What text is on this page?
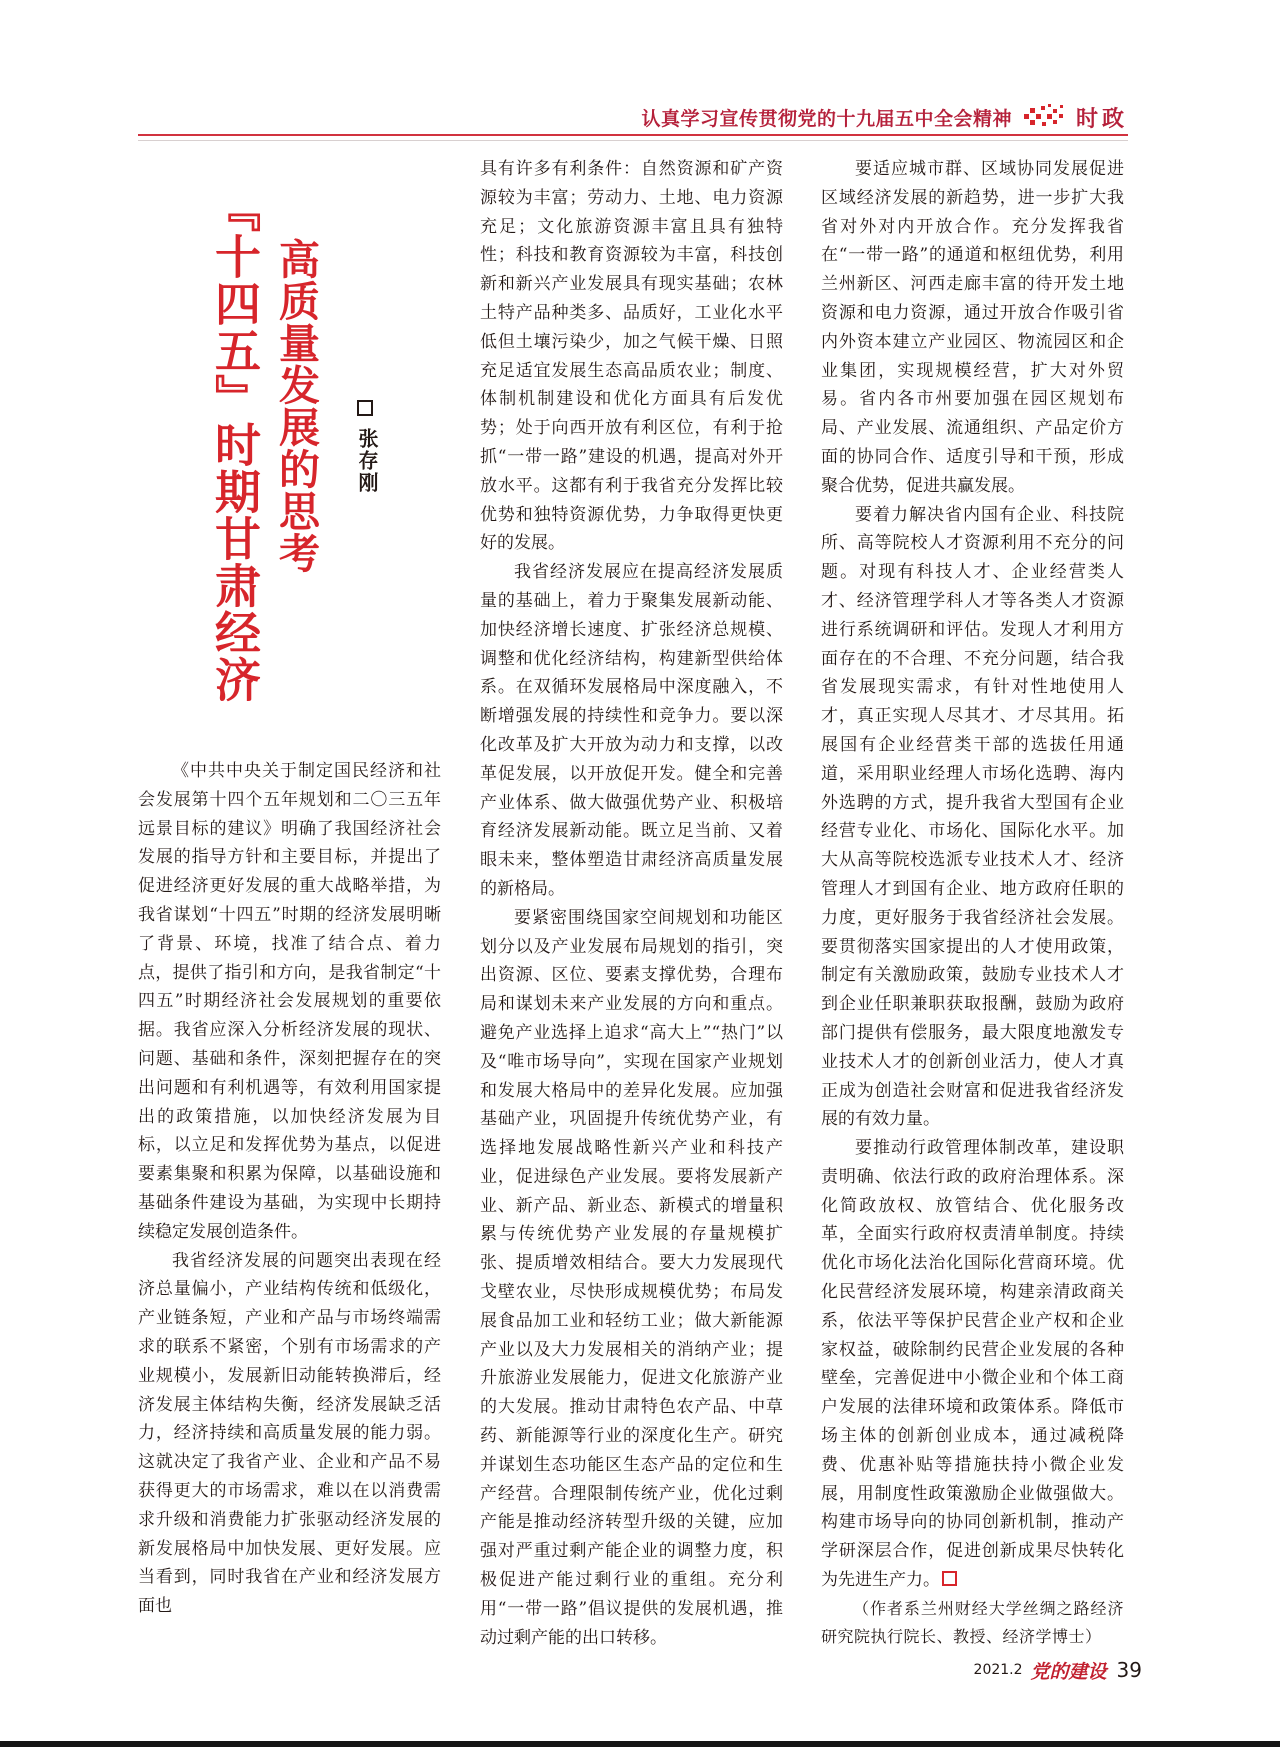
认真学习宣传贯彻党的十九届五中全会精神	时政
『十四五』时期甘肃经济 高质量发展的思考 张存刚

《中共中央关于制定国民经济和社会发展第十四个五年规划和二〇三五年远景目标的建议》明确了我国经济社会发展的指导方针和主要目标，并提出了促进经济更好发展的重大战略举措，为我省谋划“十四五”时期的经济发展明晰了背景、环境，找准了结合点、着力点，提供了指引和方向，是我省制定“十四五”时期经济社会发展规划的重要依据。我省应深入分析经济发展的现状、问题、基础和条件，深刻把握存在的突出问题和有利机遇等，有效利用国家提出的政策措施，以加快经济发展为目标，以立足和发挥优势为基点，以促进要素集聚和积累为保障，以基础设施和基础条件建设为基础，为实现中长期持续稳定发展创造条件。

我省经济发展的问题突出表现在经济总量偏小，产业结构传统和低级化，产业链条短，产业和产品与市场终端需求的联系不紧密，个别有市场需求的产业规模小，发展新旧动能转换滞后，经济发展主体结构失衡，经济发展缺乏活力，经济持续和高质量发展的能力弱。这就决定了我省产业、企业和产品不易获得更大的市场需求，难以在以消费需求升级和消费能力扩张驱动经济发展的新发展格局中加快发展、更好发展。应当看到，同时我省在产业和经济发展方面也

具有许多有利条件：自然资源和矿产资源较为丰富；劳动力、土地、电力资源充足；文化旅游资源丰富且具有独特性；科技和教育资源较为丰富，科技创新和新兴产业发展具有现实基础；农林土特产品种类多、品质好，工业化水平低但土壤污染少，加之气候干燥、日照充足适宜发展生态高品质农业；制度、体制机制建设和优化方面具有后发优势；处于向西开放有利区位，有利于抢抓“一带一路”建设的机遇，提高对外开放水平。这都有利于我省充分发挥比较优势和独特资源优势，力争取得更快更好的发展。

我省经济发展应在提高经济发展质量的基础上，着力于聚集发展新动能、加快经济增长速度、扩张经济总规模、调整和优化经济结构，构建新型供给体系。在双循环发展格局中深度融入，不断增强发展的持续性和竞争力。要以深化改革及扩大开放为动力和支撑，以改革促发展，以开放促开发。健全和完善产业体系、做大做强优势产业、积极培育经济发展新动能。既立足当前、又着眼未来，整体塑造甘肃经济高质量发展的新格局。

要紧密围绕国家空间规划和功能区划分以及产业发展布局规划的指引，突出资源、区位、要素支撑优势，合理布局和谋划未来产业发展的方向和重点。避免产业选择上追求“高大上”“热门”以及“唯市场导向”，实现在国家产业规划和发展大格局中的差异化发展。应加强基础产业，巩固提升传统优势产业，有选择地发展战略性新兴产业和科技产业，促进绿色产业发展。要将发展新产业、新产品、新业态、新模式的增量积累与传统优势产业发展的存量规模扩张、提质增效相结合。要大力发展现代戈壁农业，尽快形成规模优势；布局发展食品加工业和轻纺工业；做大新能源产业以及大力发展相关的消纳产业；提升旅游业发展能力，促进文化旅游产业的大发展。推动甘肃特色农产品、中草药、新能源等行业的深度化生产。研究并谋划生态功能区生态产品的定位和生产经营。合理限制传统产业，优化过剩产能是推动经济转型升级的关键，应加强对严重过剩产能企业的调整力度，积极促进产能过剩行业的重组。充分利用“一带一路”倡议提供的发展机遇，推动过剩产能的出口转移。

要适应城市群、区域协同发展促进区域经济发展的新趋势，进一步扩大我省对外对内开放合作。充分发挥我省在“一带一路”的通道和枢纽优势，利用兰州新区、河西走廊丰富的待开发土地资源和电力资源，通过开放合作吸引省内外资本建立产业园区、物流园区和企业集团，实现规模经营，扩大对外贸易。省内各市州要加强在园区规划布局、产业发展、流通组织、产品定价方面的协同合作、适度引导和干预，形成聚合优势，促进共赢发展。

要着力解决省内国有企业、科技院所、高等院校人才资源利用不充分的问题。对现有科技人才、企业经营类人才、经济管理学科人才等各类人才资源进行系统调研和评估。发现人才利用方面存在的不合理、不充分问题，结合我省发展现实需求，有针对性地使用人才，真正实现人尽其才、才尽其用。拓展国有企业经营类干部的选拔任用通道，采用职业经理人市场化选聘、海内外选聘的方式，提升我省大型国有企业经营专业化、市场化、国际化水平。加大从高等院校选派专业技术人才、经济管理人才到国有企业、地方政府任职的力度，更好服务于我省经济社会发展。要贯彻落实国家提出的人才使用政策，制定有关激励政策，鼓励专业技术人才到企业任职兼职获取报酬，鼓励为政府部门提供有偿服务，最大限度地激发专业技术人才的创新创业活力，使人才真正成为创造社会财富和促进我省经济发展的有效力量。

要推动行政管理体制改革，建设职责明确、依法行政的政府治理体系。深化简政放权、放管结合、优化服务改革，全面实行政府权责清单制度。持续优化市场化法治化国际化营商环境。优化民营经济发展环境，构建亲清政商关系，依法平等保护民营企业产权和企业家权益，破除制约民营企业发展的各种壁垒，完善促进中小微企业和个体工商户发展的法律环境和政策体系。降低市场主体的创新创业成本，通过减税降费、优惠补贴等措施扶持小微企业发展，用制度性政策激励企业做强做大。构建市场导向的协同创新机制，推动产学研深层合作，促进创新成果尽快转化为先进生产力。

（作者系兰州财经大学丝绸之路经济研究院执行院长、教授、经济学博士）

2021.2 党的建设 39
